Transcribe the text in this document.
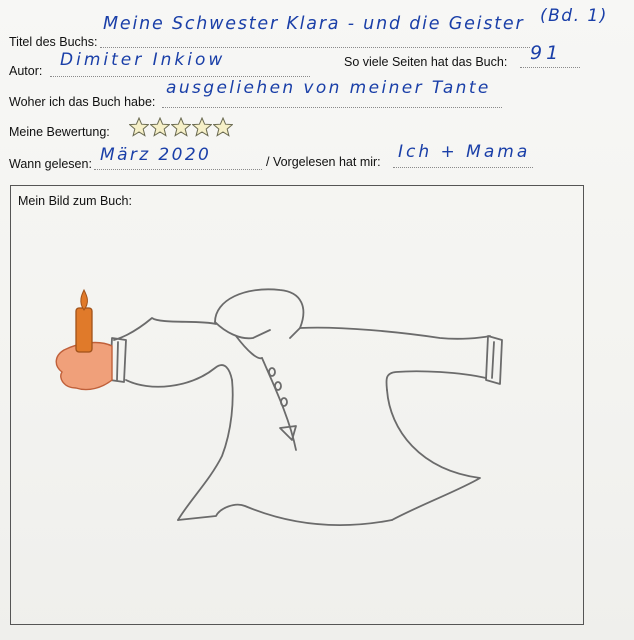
Titel des Buchs:
Meine Schwester Klara - und die Geister (Bd. 1)
Autor:
Dimiter Inkiow	So viele Seiten hat das Buch: 91
Woher ich das Buch habe:
ausgeliehen von meiner Tante
Meine Bewertung:
Wann gelesen: März 2020	/ Vorgelesen hat mir: Ich + Mama
Mein Bild zum Buch:
